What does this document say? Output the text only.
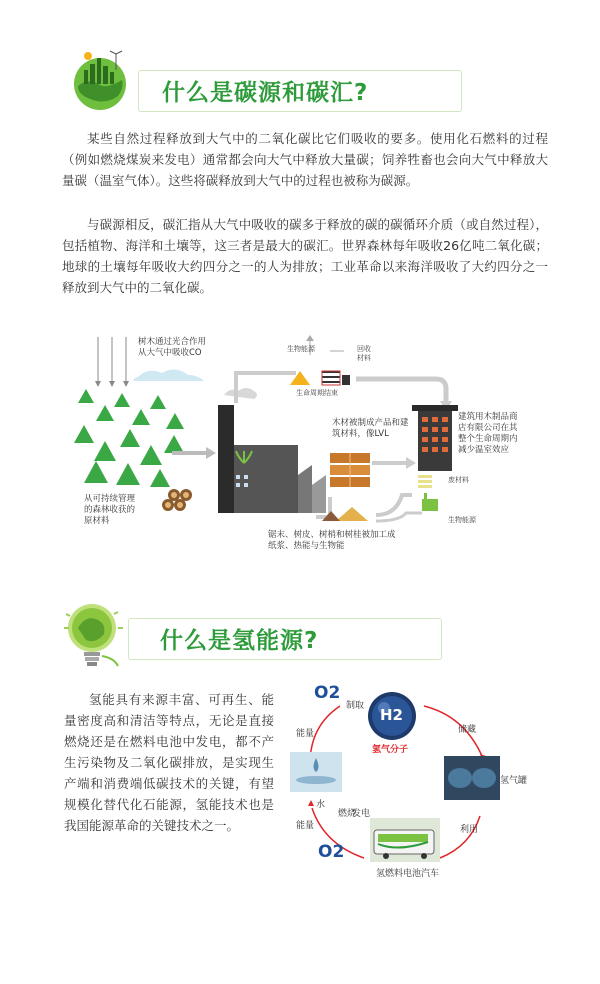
什么是碳源和碳汇?

某些自然过程释放到大气中的二氧化碳比它们吸收的要多。使用化石燃料的过程（例如燃烧煤炭来发电）通常都会向大气中释放大量碳；饲养牲畜也会向大气中释放大量碳（温室气体）。这些将碳释放到大气中的过程也被称为碳源。

与碳源相反，碳汇指从大气中吸收的碳多于释放的碳的碳循环介质（或自然过程），包括植物、海洋和土壤等，这三者是最大的碳汇。世界森林每年吸收26亿吨二氧化碳；地球的土壤每年吸收大约四分之一的人为排放；工业革命以来海洋吸收了大约四分之一释放到大气中的二氧化碳。

树木通过光合作用
从大气中吸收CO	生物能源	回收
材料
生命周期结束
木材被制成产品和建
筑材料，像LVL
建筑用木制品商
店有限公司在其
整个生命周期内
减少温室效应
从可持续管理
的森林收获的
原材料
锯末、树皮、树梢和树桂被加工成
纸浆、热能与生物能
废材料
生物能源
什么是氢能源?

氢能具有来源丰富、可再生、能量密度高和清洁等特点，无论是直接燃烧还是在燃料电池中发电，都不产生污染物及二氧化碳排放，是实现生产端和消费端低碳技术的关键，有望规模化替代化石能源，氢能技术也是我国能源革命的关键技术之一。

O2
H2
制取
氢气分子
储藏
氢气罐
能量
水
燃烧
发电
利用
能量
O2
氢燃料电池汽车
